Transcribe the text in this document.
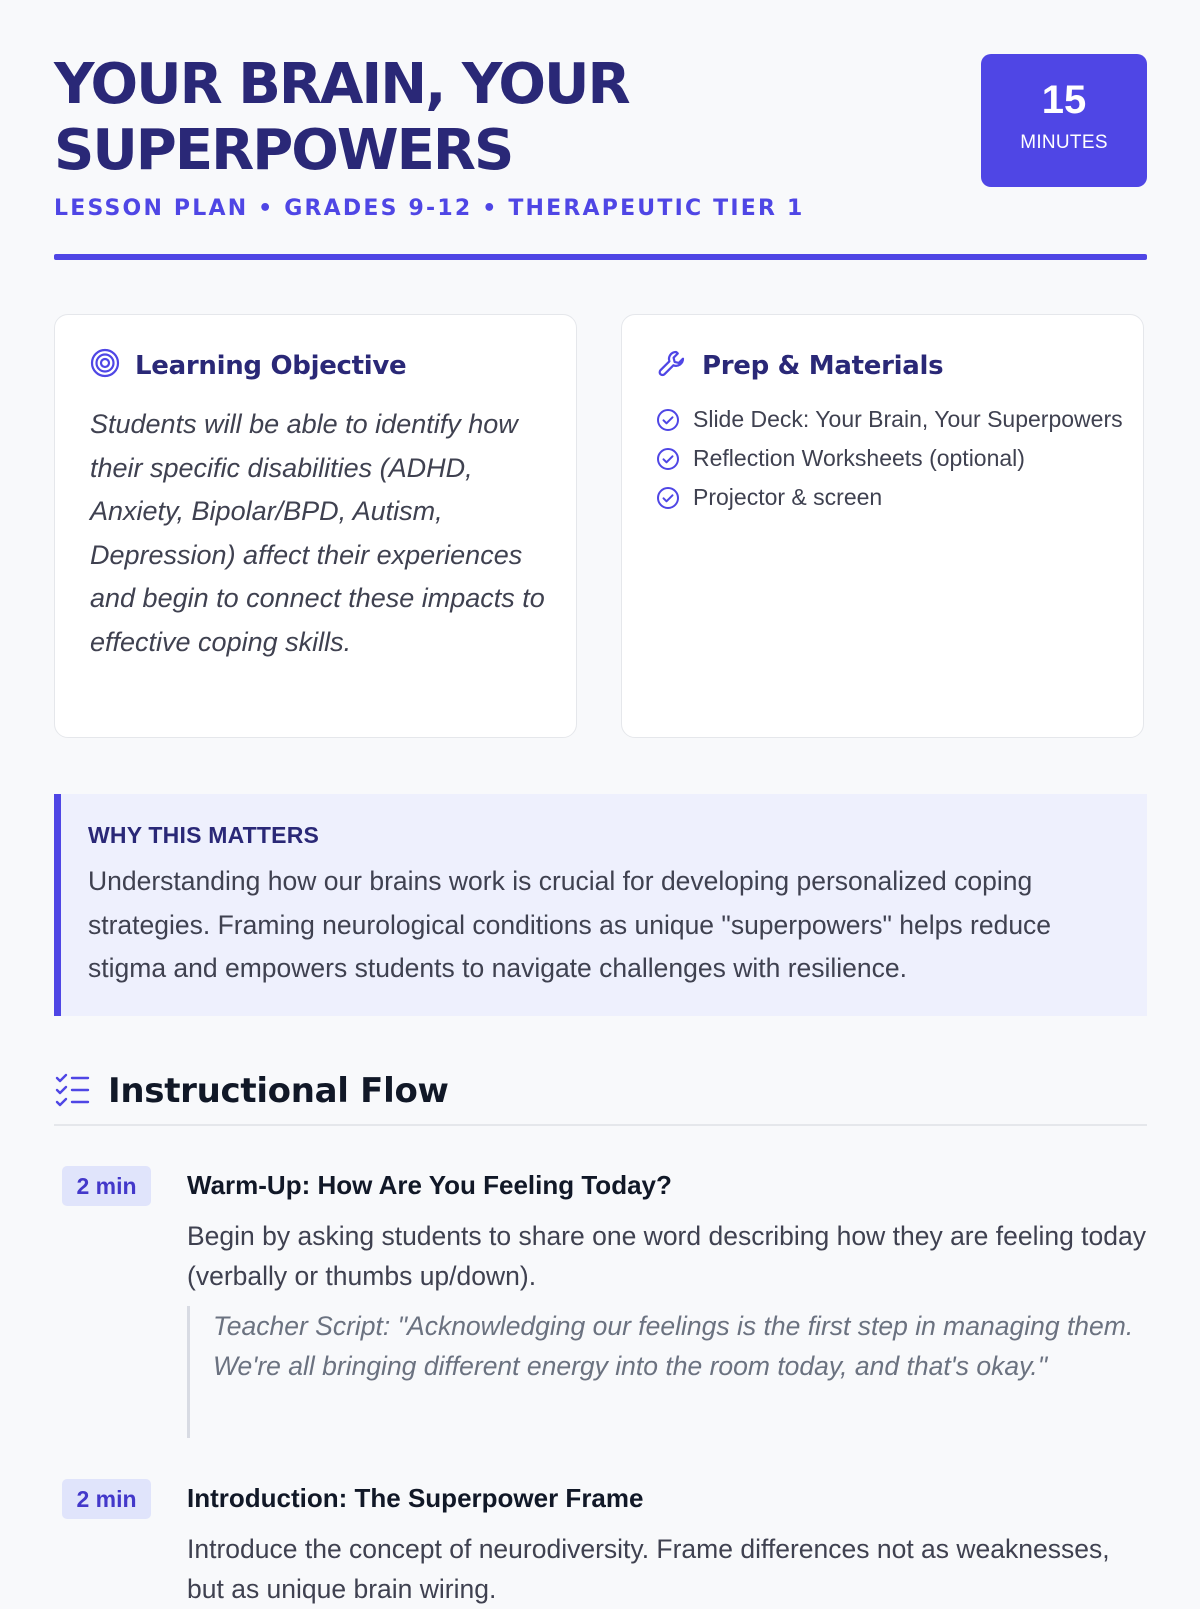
YOUR BRAIN, YOUR SUPERPOWERS
LESSON PLAN • GRADES 9-12 • THERAPEUTIC TIER 1
15
MINUTES
Learning Objective

Students will be able to identify how their specific disabilities (ADHD, Anxiety, Bipolar/BPD, Autism, Depression) affect their experiences and begin to connect these impacts to effective coping skills.

Prep & Materials
Slide Deck: Your Brain, Your Superpowers
Reflection Worksheets (optional)
Projector & screen
WHY THIS MATTERS

Understanding how our brains work is crucial for developing personalized coping strategies. Framing neurological conditions as unique "superpowers" helps reduce stigma and empowers students to navigate challenges with resilience.

Instructional Flow
2 min	Warm-Up: How Are You Feeling Today?

Begin by asking students to share one word describing how they are feeling today (verbally or thumbs up/down).

Teacher Script: "Acknowledging our feelings is the first step in managing them. We're all bringing different energy into the room today, and that's okay."

2 min	Introduction: The Superpower Frame

Introduce the concept of neurodiversity. Frame differences not as weaknesses, but as unique brain wiring.
